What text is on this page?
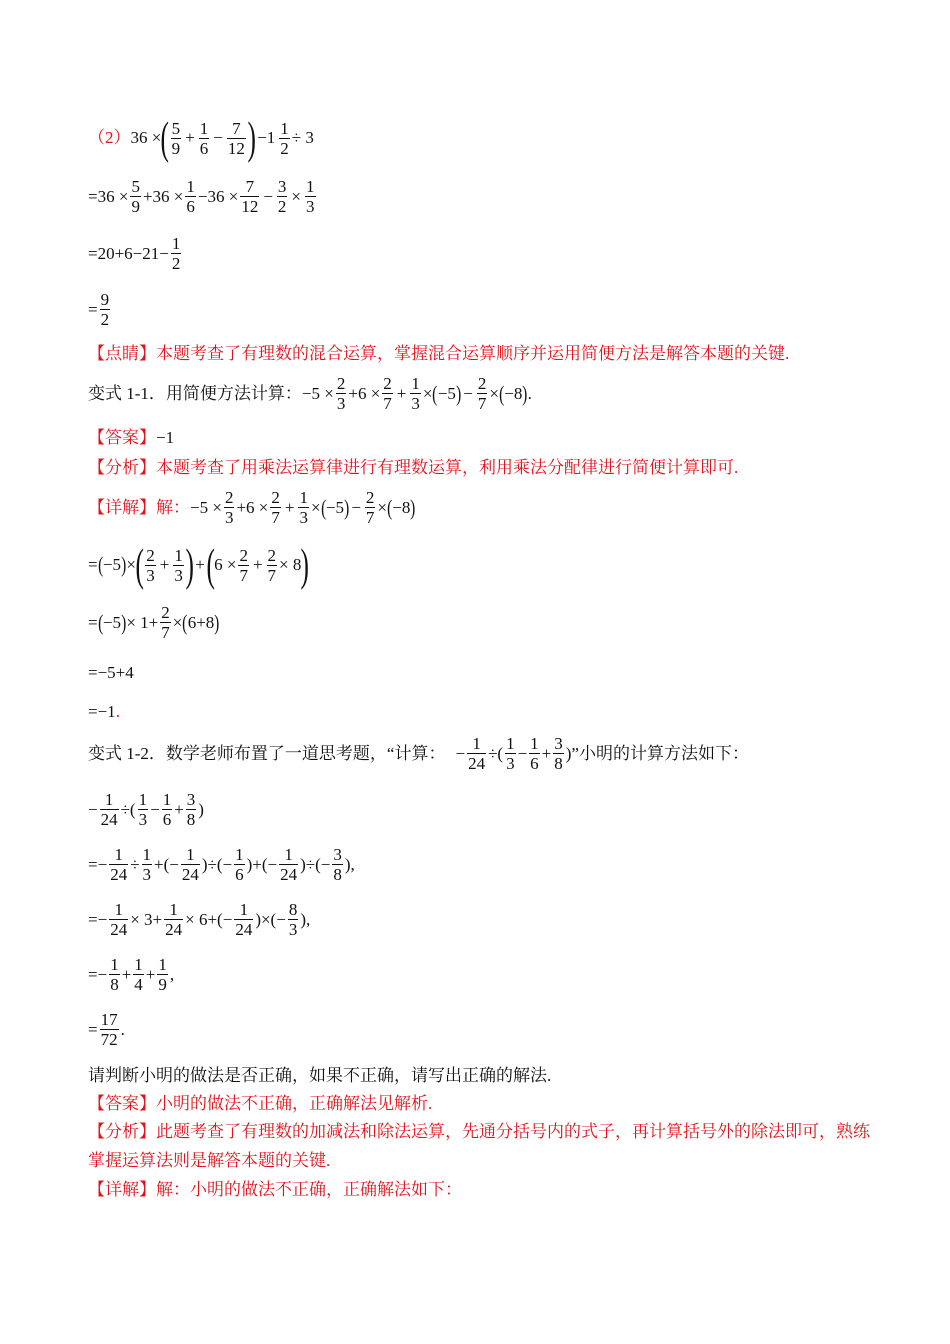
（2） 36 × ( $\frac{5}{9} + \frac{1}{6} - \frac{7}{12}$ ) $-1 \frac{1}{2} \div 3$
$=36 \times \frac{5}{9} +36 \times \frac{1}{6} -36 \times \frac{7}{12} - \frac{3}{2} \times \frac{1}{3}$
$=20+6-21- \frac{1}{2}$
= $\frac{9}{2}$
【点睛】本题考查了有理数的混合运算，掌握混合运算顺序并运用简便方法是解答本题的关键.
变式 1-1．用简便方法计算： $-5 \times \frac{2}{3} +6 \times \frac{2}{7} + \frac{1}{3}$ × ( −5 ) − $\frac{2}{7}$ × ( −8 ) .
【答案】−1
【分析】本题考查了用乘法运算律进行有理数运算，利用乘法分配律进行简便计算即可.
【详解】 解： $-5 \times \frac{2}{3} +6 \times \frac{2}{7} + \frac{1}{3}$ × ( −5 ) − $\frac{2}{7}$ × ( −8 )
= ( −5 ) × ( $\frac{2}{3} + \frac{1}{3}$ ) + ( $6 \times \frac{2}{7} + \frac{2}{7} \times 8$ )
= ( −5 ) × $1+ \frac{2}{7}$ × ( 6+8 )
=−5+4
=−1.
变式 1-2．数学老师布置了一道思考题，“计算： − $\frac{1}{24}$ ÷( $\frac{1}{3} - \frac{1}{6} + \frac{3}{8}$ ) ”小明的计算方法如下：
− $\frac{1}{24}$ ÷( $\frac{1}{3} - \frac{1}{6} + \frac{3}{8}$ )
=− $\frac{1}{24} \div \frac{1}{3}$ +(− $\frac{1}{24}$ )÷(− $\frac{1}{6}$ )+(− $\frac{1}{24}$ )÷(− $\frac{3}{8}$ ),
=− $\frac{1}{24} \times 3+ \frac{1}{24} \times 6+(- \frac{1}{24}$ )×(− $\frac{8}{3}$ ),
=− $\frac{1}{8} + \frac{1}{4} + \frac{1}{9}$ ,
= $\frac{17}{72}$ .
请判断小明的做法是否正确，如果不正确，请写出正确的解法.
【答案】小明的做法不正确，正确解法见解析.
【分析】此题考查了有理数的加减法和除法运算，先通分括号内的式子，再计算括号外的除法即可，熟练
掌握运算法则是解答本题的关键.
【详解】解：小明的做法不正确，正确解法如下：
